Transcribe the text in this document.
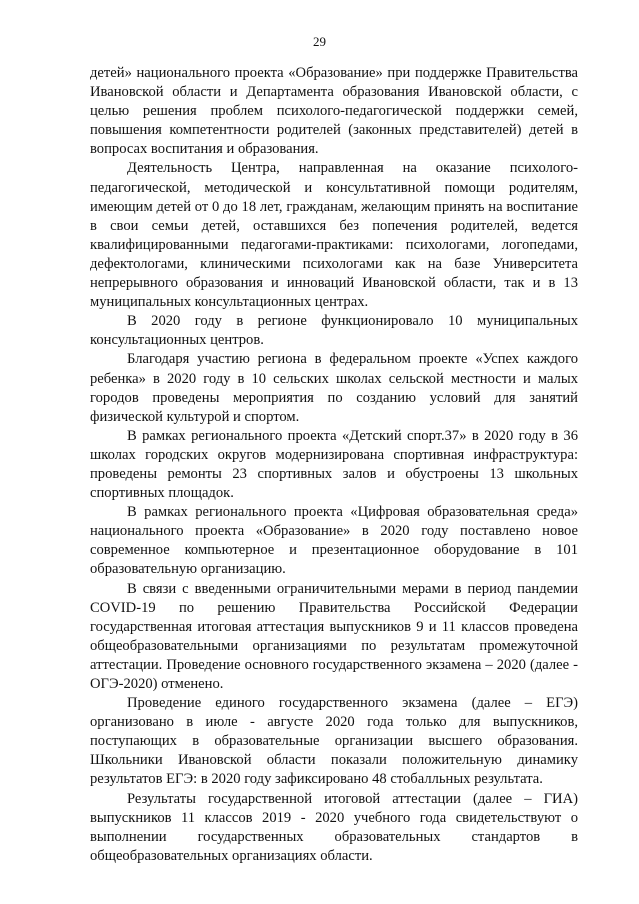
29

детей» национального проекта «Образование» при поддержке Правительства Ивановской области и Департамента образования Ивановской области, с целью решения проблем психолого-педагогической поддержки семей, повышения компетентности родителей (законных представителей) детей в вопросах воспитания и образования.

Деятельность Центра, направленная на оказание психолого-педагогической, методической и консультативной помощи родителям, имеющим детей от 0 до 18 лет, гражданам, желающим принять на воспитание в свои семьи детей, оставшихся без попечения родителей, ведется квалифицированными педагогами-практиками: психологами, логопедами, дефектологами, клиническими психологами как на базе Университета непрерывного образования и инноваций Ивановской области, так и в 13 муниципальных консультационных центрах.

В 2020 году в регионе функционировало 10 муниципальных консультационных центров.

Благодаря участию региона в федеральном проекте «Успех каждого ребенка» в 2020 году в 10 сельских школах сельской местности и малых городов проведены мероприятия по созданию условий для занятий физической культурой и спортом.

В рамках регионального проекта «Детский спорт.37» в 2020 году в 36 школах городских округов модернизирована спортивная инфраструктура: проведены ремонты 23 спортивных залов и обустроены 13 школьных спортивных площадок.

В рамках регионального проекта «Цифровая образовательная среда» национального проекта «Образование» в 2020 году поставлено новое современное компьютерное и презентационное оборудование в 101 образовательную организацию.

В связи с введенными ограничительными мерами в период пандемии COVID-19 по решению Правительства Российской Федерации государственная итоговая аттестация выпускников 9 и 11 классов проведена общеобразовательными организациями по результатам промежуточной аттестации. Проведение основного государственного экзамена – 2020 (далее - ОГЭ-2020) отменено.

Проведение единого государственного экзамена (далее – ЕГЭ) организовано в июле - августе 2020 года только для выпускников, поступающих в образовательные организации высшего образования. Школьники Ивановской области показали положительную динамику результатов ЕГЭ: в 2020 году зафиксировано 48 стобалльных результата.

Результаты государственной итоговой аттестации (далее – ГИА) выпускников 11 классов 2019 - 2020 учебного года свидетельствуют о выполнении государственных образовательных стандартов в общеобразовательных организациях области.
